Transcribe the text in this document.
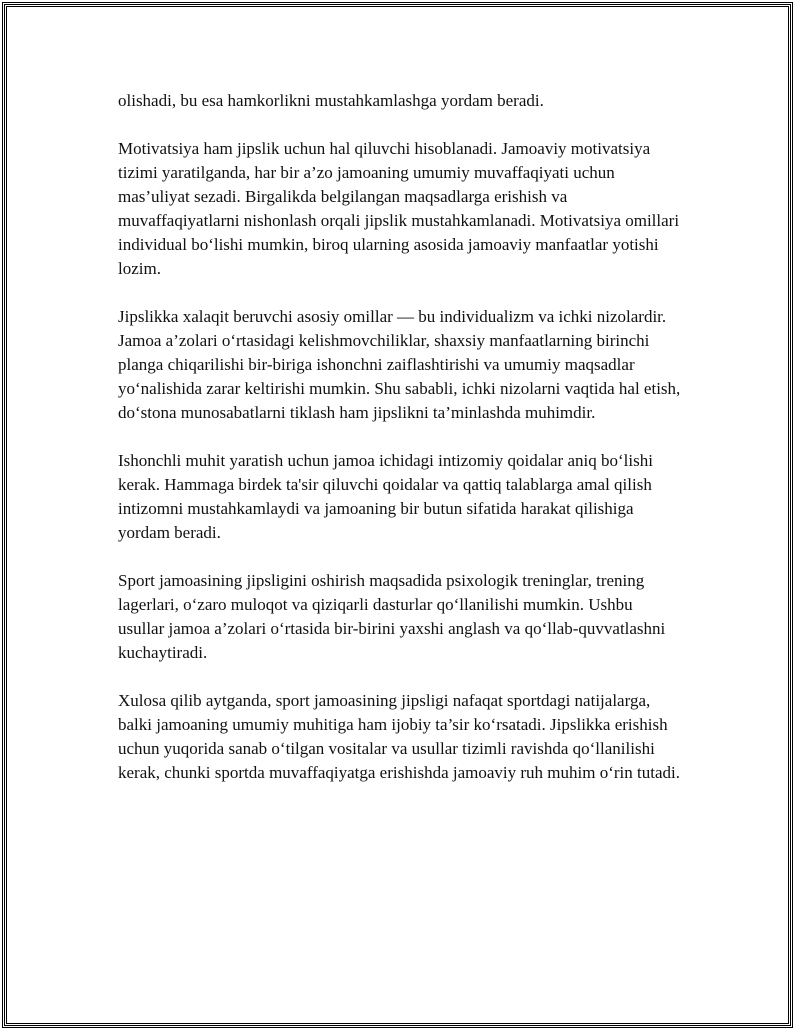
olishadi, bu esa hamkorlikni mustahkamlashga yordam beradi.

Motivatsiya ham jipslik uchun hal qiluvchi hisoblanadi. Jamoaviy motivatsiya tizimi yaratilganda, har bir a’zo jamoaning umumiy muvaffaqiyati uchun mas’uliyat sezadi. Birgalikda belgilangan maqsadlarga erishish va muvaffaqiyatlarni nishonlash orqali jipslik mustahkamlanadi. Motivatsiya omillari individual bo‘lishi mumkin, biroq ularning asosida jamoaviy manfaatlar yotishi lozim.

Jipslikka xalaqit beruvchi asosiy omillar — bu individualizm va ichki nizolardir. Jamoa a’zolari o‘rtasidagi kelishmovchiliklar, shaxsiy manfaatlarning birinchi planga chiqarilishi bir-biriga ishonchni zaiflashtirishi va umumiy maqsadlar yo‘nalishida zarar keltirishi mumkin. Shu sababli, ichki nizolarni vaqtida hal etish, do‘stona munosabatlarni tiklash ham jipslikni ta’minlashda muhimdir.

Ishonchli muhit yaratish uchun jamoa ichidagi intizomiy qoidalar aniq bo‘lishi kerak. Hammaga birdek ta'sir qiluvchi qoidalar va qattiq talablarga amal qilish intizomni mustahkamlaydi va jamoaning bir butun sifatida harakat qilishiga yordam beradi.

Sport jamoasining jipsligini oshirish maqsadida psixologik treninglar, trening lagerlari, o‘zaro muloqot va qiziqarli dasturlar qo‘llanilishi mumkin. Ushbu usullar jamoa a’zolari o‘rtasida bir-birini yaxshi anglash va qo‘llab-quvvatlashni kuchaytiradi.

Xulosa qilib aytganda, sport jamoasining jipsligi nafaqat sportdagi natijalarga, balki jamoaning umumiy muhitiga ham ijobiy ta’sir ko‘rsatadi. Jipslikka erishish uchun yuqorida sanab o‘tilgan vositalar va usullar tizimli ravishda qo‘llanilishi kerak, chunki sportda muvaffaqiyatga erishishda jamoaviy ruh muhim o‘rin tutadi.
